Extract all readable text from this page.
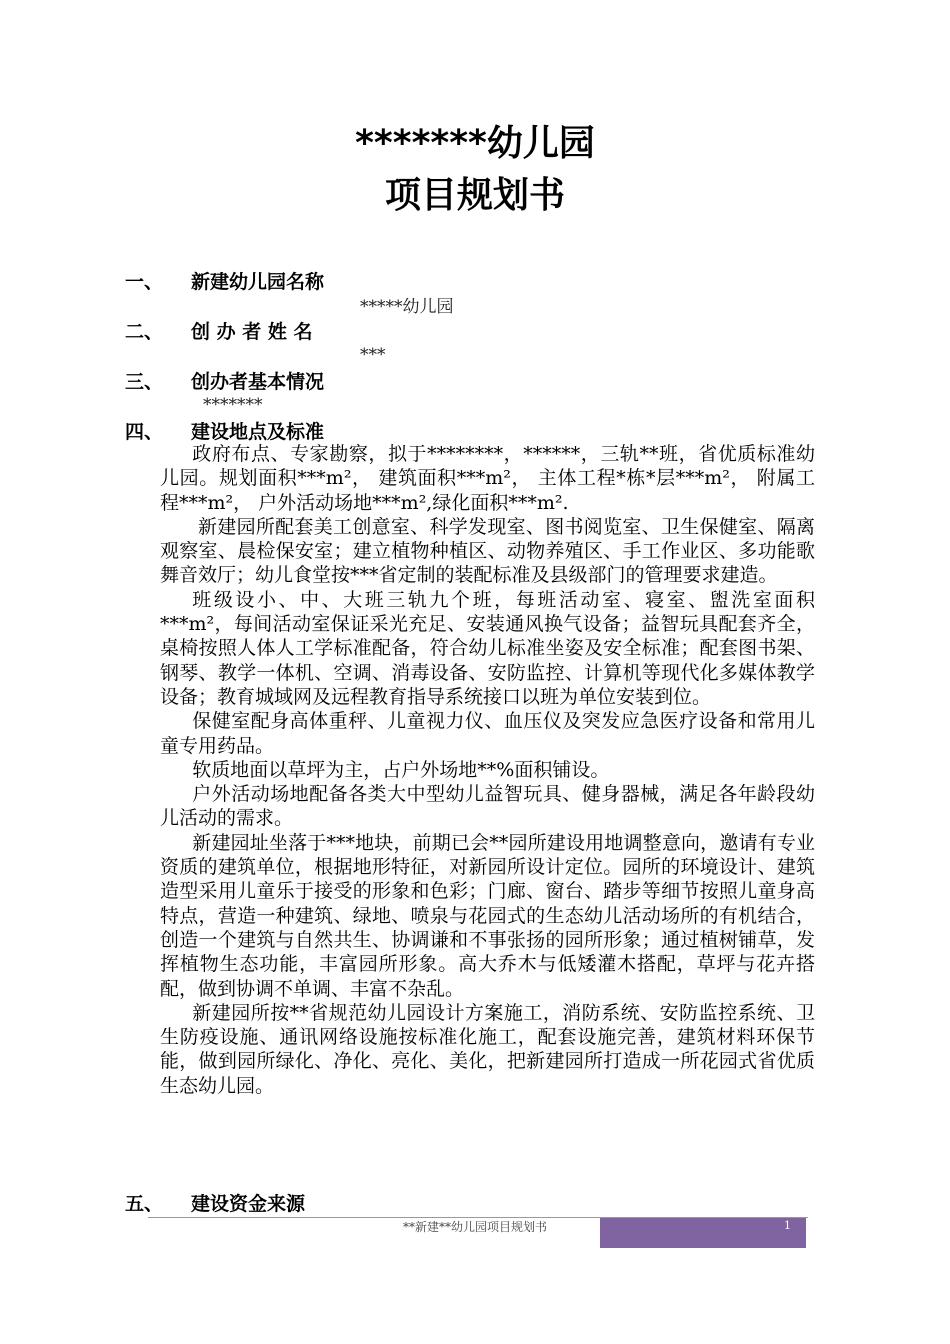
*******幼儿园
项目规划书
一、 新建幼儿园名称
*****幼儿园
二、 创 办 者 姓 名
***
三、 创办者基本情况
*******
四、 建设地点及标准

政府布点、专家勘察，拟于********，******，三轨**班，省优质标准幼儿园。规划面积***m²， 建筑面积***m²， 主体工程*栋*层***m²， 附属工程***m²， 户外活动场地***m²,绿化面积***m².

新建园所配套美工创意室、科学发现室、图书阅览室、卫生保健室、隔离观察室、晨检保安室；建立植物种植区、动物养殖区、手工作业区、多功能歌舞音效厅；幼儿食堂按***省定制的装配标准及县级部门的管理要求建造。

班级设小、中、大班三轨九个班，每班活动室、寝室、盥洗室面积***m²，每间活动室保证采光充足、安装通风换气设备；益智玩具配套齐全，桌椅按照人体人工学标准配备，符合幼儿标准坐姿及安全标准；配套图书架、钢琴、教学一体机、空调、消毒设备、安防监控、计算机等现代化多媒体教学设备；教育城域网及远程教育指导系统接口以班为单位安装到位。

保健室配身高体重秤、儿童视力仪、血压仪及突发应急医疗设备和常用儿童专用药品。

软质地面以草坪为主，占户外场地**%面积铺设。

户外活动场地配备各类大中型幼儿益智玩具、健身器械，满足各年龄段幼儿活动的需求。

新建园址坐落于***地块，前期已会**园所建设用地调整意向，邀请有专业资质的建筑单位，根据地形特征，对新园所设计定位。园所的环境设计、建筑造型采用儿童乐于接受的形象和色彩；门廊、窗台、踏步等细节按照儿童身高特点，营造一种建筑、绿地、喷泉与花园式的生态幼儿活动场所的有机结合，创造一个建筑与自然共生、协调谦和不事张扬的园所形象；通过植树铺草，发挥植物生态功能，丰富园所形象。高大乔木与低矮灌木搭配，草坪与花卉搭配，做到协调不单调、丰富不杂乱。

新建园所按**省规范幼儿园设计方案施工，消防系统、安防监控系统、卫生防疫设施、通讯网络设施按标准化施工，配套设施完善，建筑材料环保节能，做到园所绿化、净化、亮化、美化，把新建园所打造成一所花园式省优质生态幼儿园。

五、 建设资金来源
**新建**幼儿园项目规划书	1
